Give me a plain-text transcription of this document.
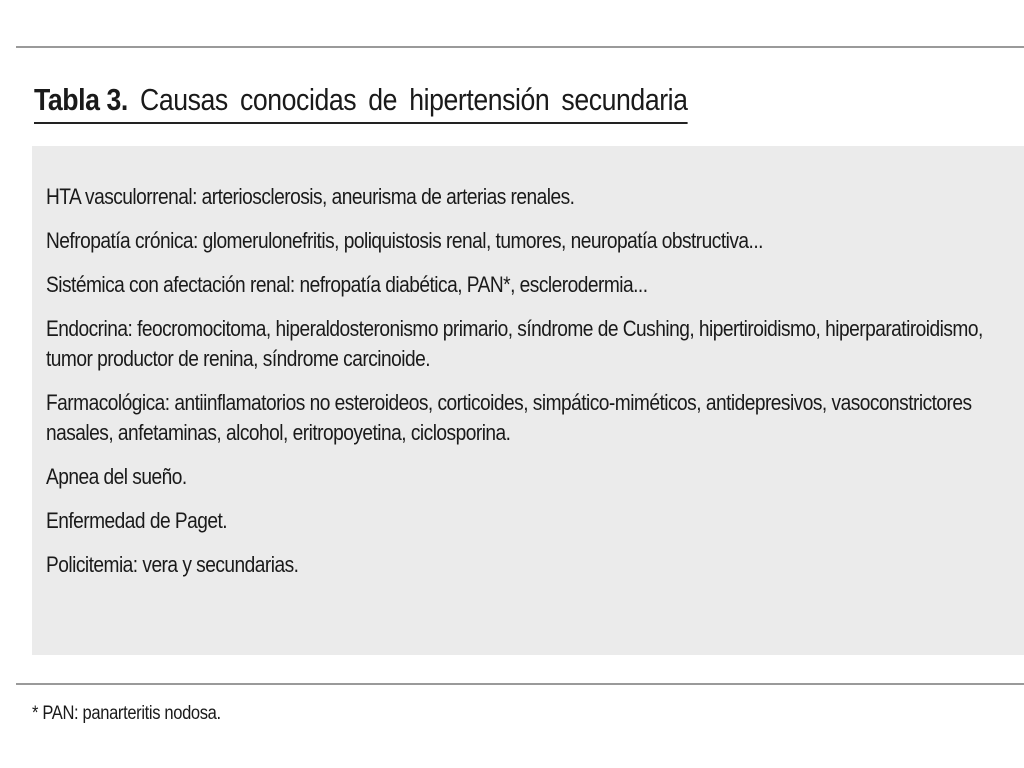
Tabla 3. Causas conocidas de hipertensión secundaria
HTA vasculorrenal: arteriosclerosis, aneurisma de arterias renales.
Nefropatía crónica: glomerulonefritis, poliquistosis renal, tumores, neuropatía obstructiva...
Sistémica con afectación renal: nefropatía diabética, PAN*, esclerodermia...
Endocrina: feocromocitoma, hiperaldosteronismo primario, síndrome de Cushing, hipertiroidismo, hiperparatiroidismo, tumor productor de renina, síndrome carcinoide.
Farmacológica: antiinflamatorios no esteroideos, corticoides, simpático-miméticos, antidepresivos, vasoconstrictores nasales, anfetaminas, alcohol, eritropoyetina, ciclosporina.
Apnea del sueño.
Enfermedad de Paget.
Policitemia: vera y secundarias.
* PAN: panarteritis nodosa.
